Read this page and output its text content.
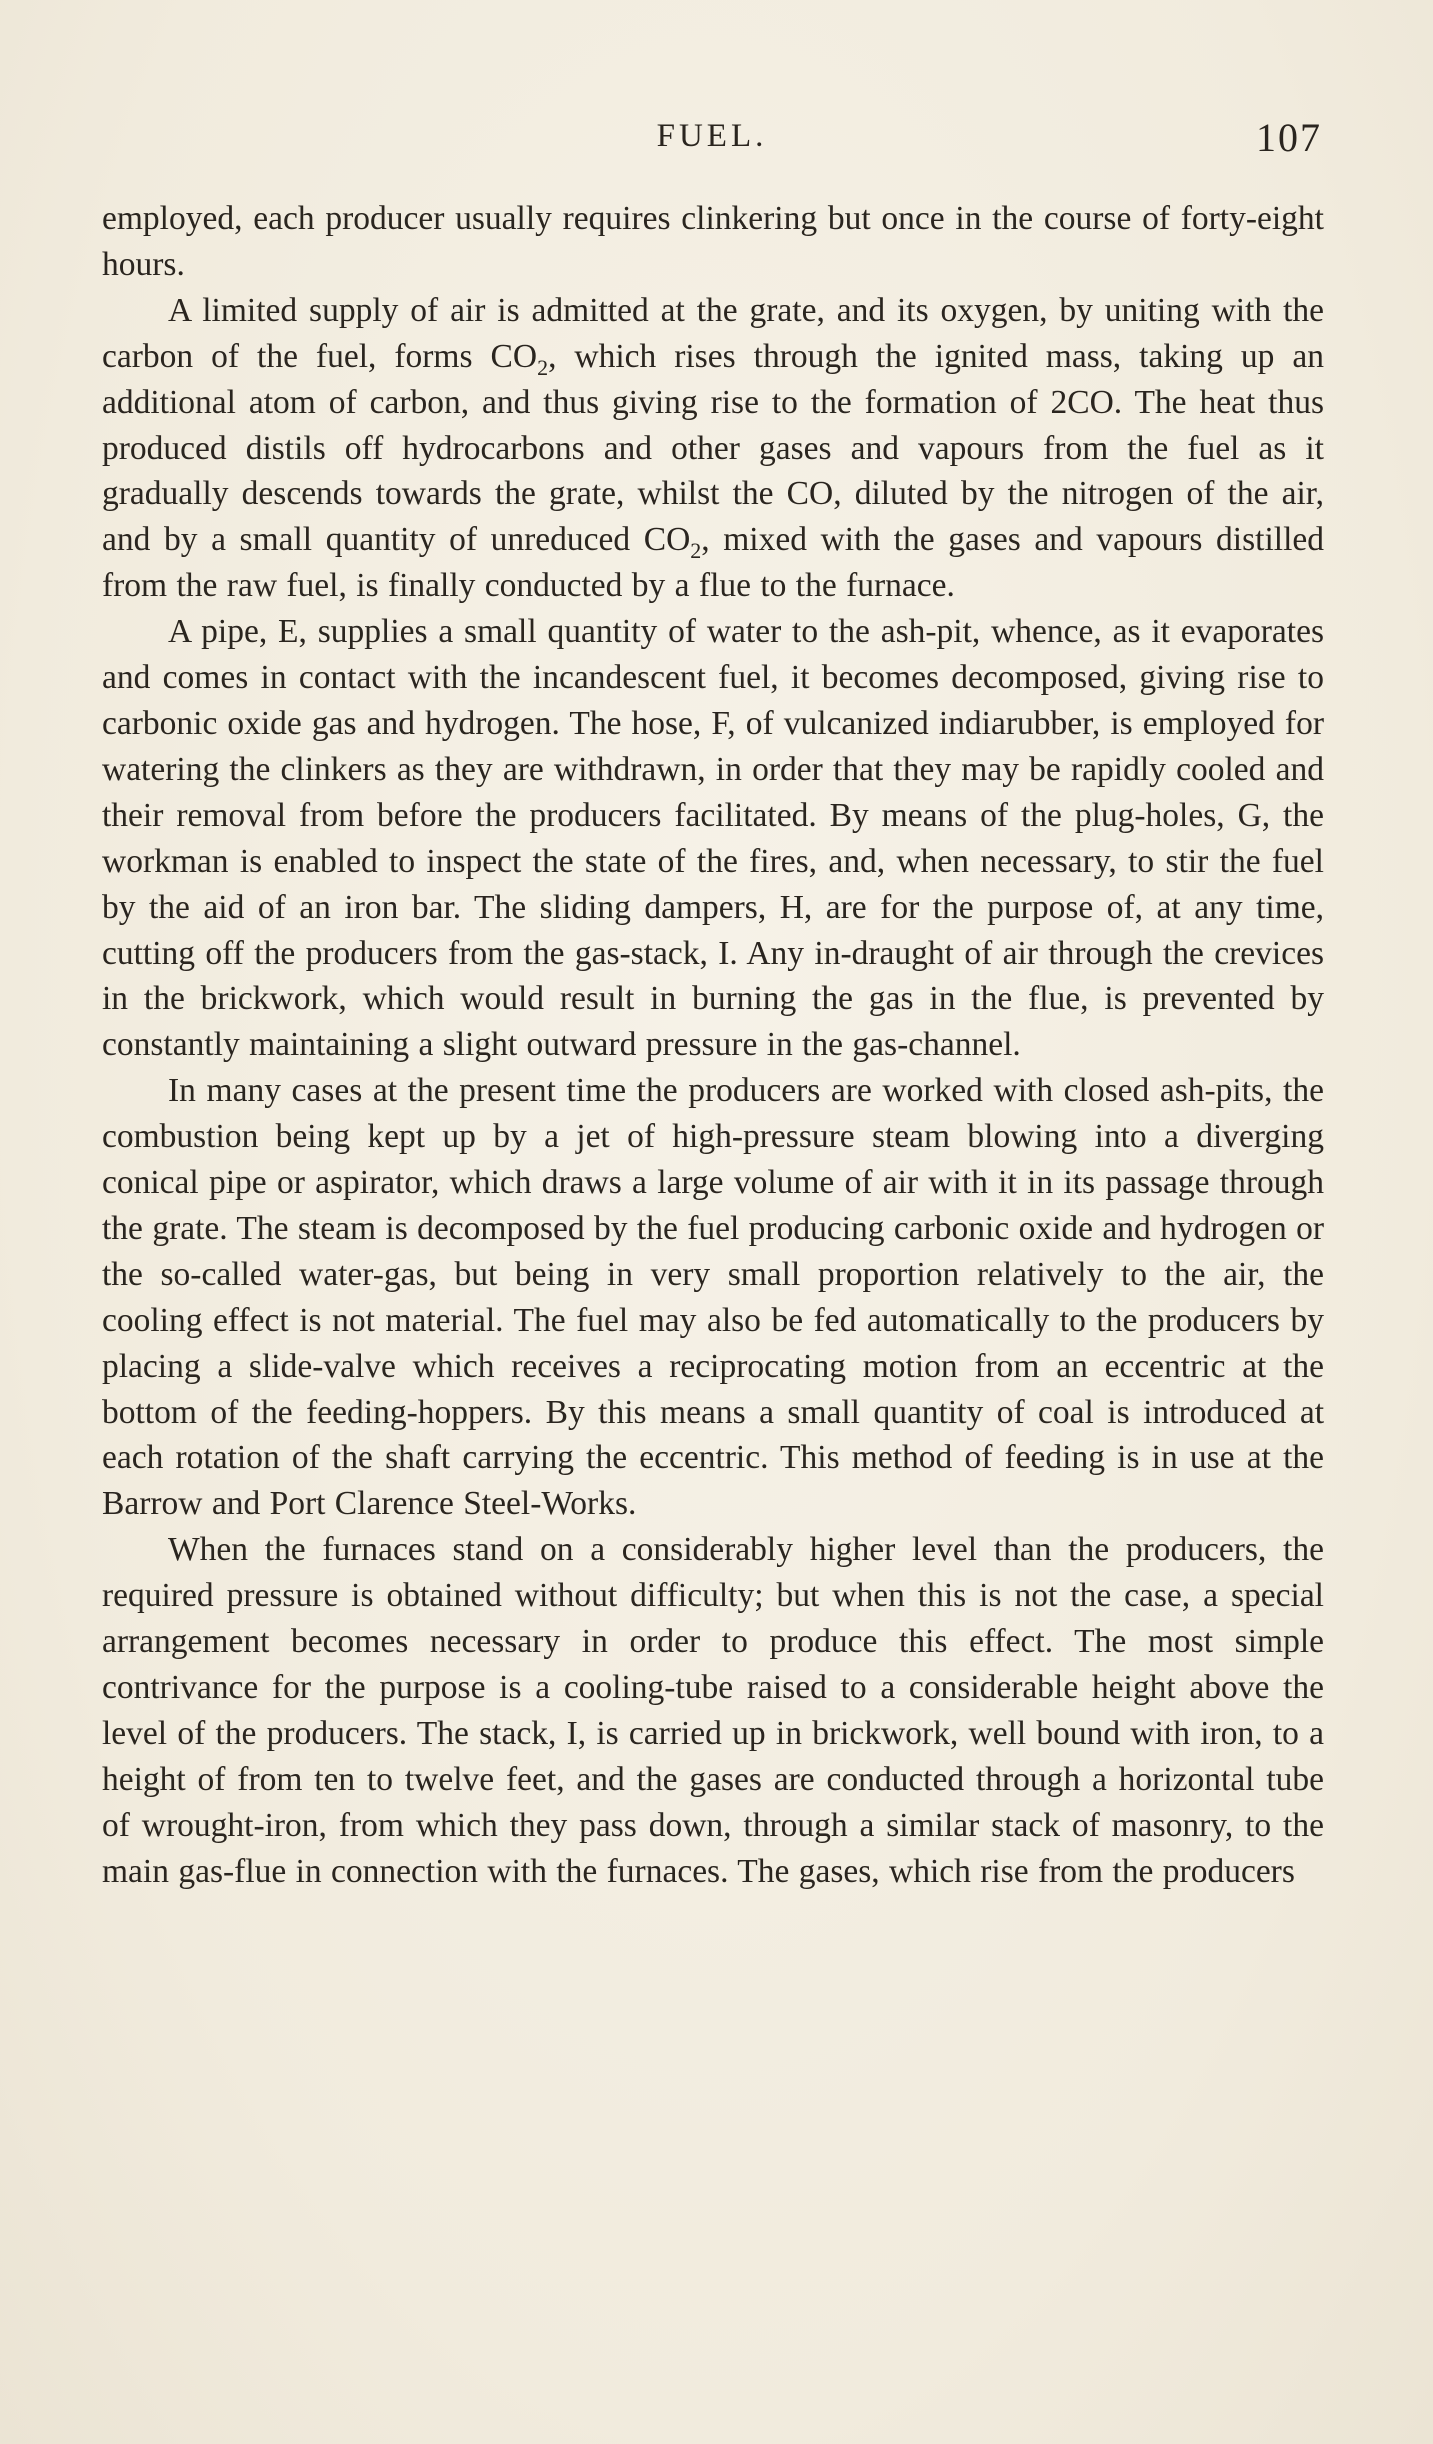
FUEL.	107

employed, each producer usually requires clinkering but once in the course of forty-eight hours.

A limited supply of air is admitted at the grate, and its oxygen, by uniting with the carbon of the fuel, forms $CO_2$, which rises through the ignited mass, taking up an additional atom of carbon, and thus giving rise to the formation of 2CO. The heat thus produced distils off hydrocarbons and other gases and vapours from the fuel as it gradually descends towards the grate, whilst the CO, diluted by the nitrogen of the air, and by a small quantity of unreduced $CO_2$, mixed with the gases and vapours distilled from the raw fuel, is finally conducted by a flue to the furnace.

A pipe, E, supplies a small quantity of water to the ash-pit, whence, as it evaporates and comes in contact with the incandescent fuel, it becomes decomposed, giving rise to carbonic oxide gas and hydrogen. The hose, F, of vulcanized indiarubber, is employed for watering the clinkers as they are withdrawn, in order that they may be rapidly cooled and their removal from before the producers facilitated. By means of the plug-holes, G, the workman is enabled to inspect the state of the fires, and, when necessary, to stir the fuel by the aid of an iron bar. The sliding dampers, H, are for the purpose of, at any time, cutting off the producers from the gas-stack, I. Any in-draught of air through the crevices in the brickwork, which would result in burning the gas in the flue, is prevented by constantly maintaining a slight outward pressure in the gas-channel.

In many cases at the present time the producers are worked with closed ash-pits, the combustion being kept up by a jet of high-pressure steam blowing into a diverging conical pipe or aspirator, which draws a large volume of air with it in its passage through the grate. The steam is decomposed by the fuel producing carbonic oxide and hydrogen or the so-called water-gas, but being in very small proportion relatively to the air, the cooling effect is not material. The fuel may also be fed automatically to the producers by placing a slide-valve which receives a reciprocating motion from an eccentric at the bottom of the feeding-hoppers. By this means a small quantity of coal is introduced at each rotation of the shaft carrying the eccentric. This method of feeding is in use at the Barrow and Port Clarence Steel-Works.

When the furnaces stand on a considerably higher level than the producers, the required pressure is obtained without difficulty; but when this is not the case, a special arrangement becomes necessary in order to produce this effect. The most simple contrivance for the purpose is a cooling-tube raised to a considerable height above the level of the producers. The stack, I, is carried up in brickwork, well bound with iron, to a height of from ten to twelve feet, and the gases are conducted through a horizontal tube of wrought-iron, from which they pass down, through a similar stack of masonry, to the main gas-flue in connection with the furnaces. The gases, which rise from the producers
